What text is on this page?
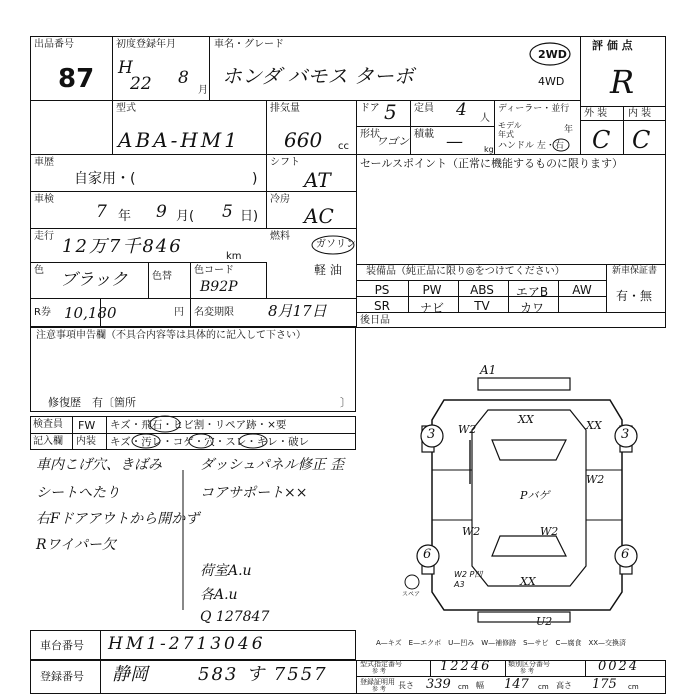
出品番号
87
初度登録年月
H
22 8
月
車名・グレード
ホンダ バモス ターボ
2WD
4WD
評 価 点
R
外 装 内 装
C C
型式
ABA-HM1
排気量
660 cc
ドア 5
形状
ワゴン
定員 4 人
積載 —	kg
ディーラー・並行
モデル年式	年
ハンドル 左・右
車歴
自家用・(	)
シフト
AT
セールスポイント（正常に機能するものに限ります）
車検
7 年 9 月( 5 日)
冷房
AC
走行 12万7千846	km
燃料
ガソリン
軽 油
色 ブラック 色替
色コード
B92P
装備品（純正品に限り◎をつけてください）	新車保証書
有・無
PS	PW	ABS	エアB	AW
SR	ナビ	TV	カワ
後日品
R券 10,180	円 名変期限 8月17日
注意事項申告欄（不具合内容等は具体的に記入して下さい）
修復歴　有〔箇所	〕
検査員
記入欄
FW
内装
キズ・飛石・ヒビ割・リペア跡・×要
キズ・汚レ・コゲ・穴・スレ・キレ・破レ
車内こげ穴、きばみ
シートへたり
右Fドアアウトから開かず
Rワイパー欠
ダッシュパネル修正 歪
コアサポート××
荷室A.u
各A.u
Q 127847
A1
3	3
6	6
W2
XX	XX
W2
Pバゲ
W2	W2
XX
W2 P凹A3
U2
スペア
A—キズ　E—エクボ　U—凹み　W—補修跡　S—サビ　C—腐食　XX—交換済
車台番号 HM1-2713046
登録番号 静岡	583 す 7557	型式指定番号
参 考	12246 類別区分番号
参 考	0024
登録証明用
参 考 長さ 339 cm 幅 147 cm 高さ 175 cm
